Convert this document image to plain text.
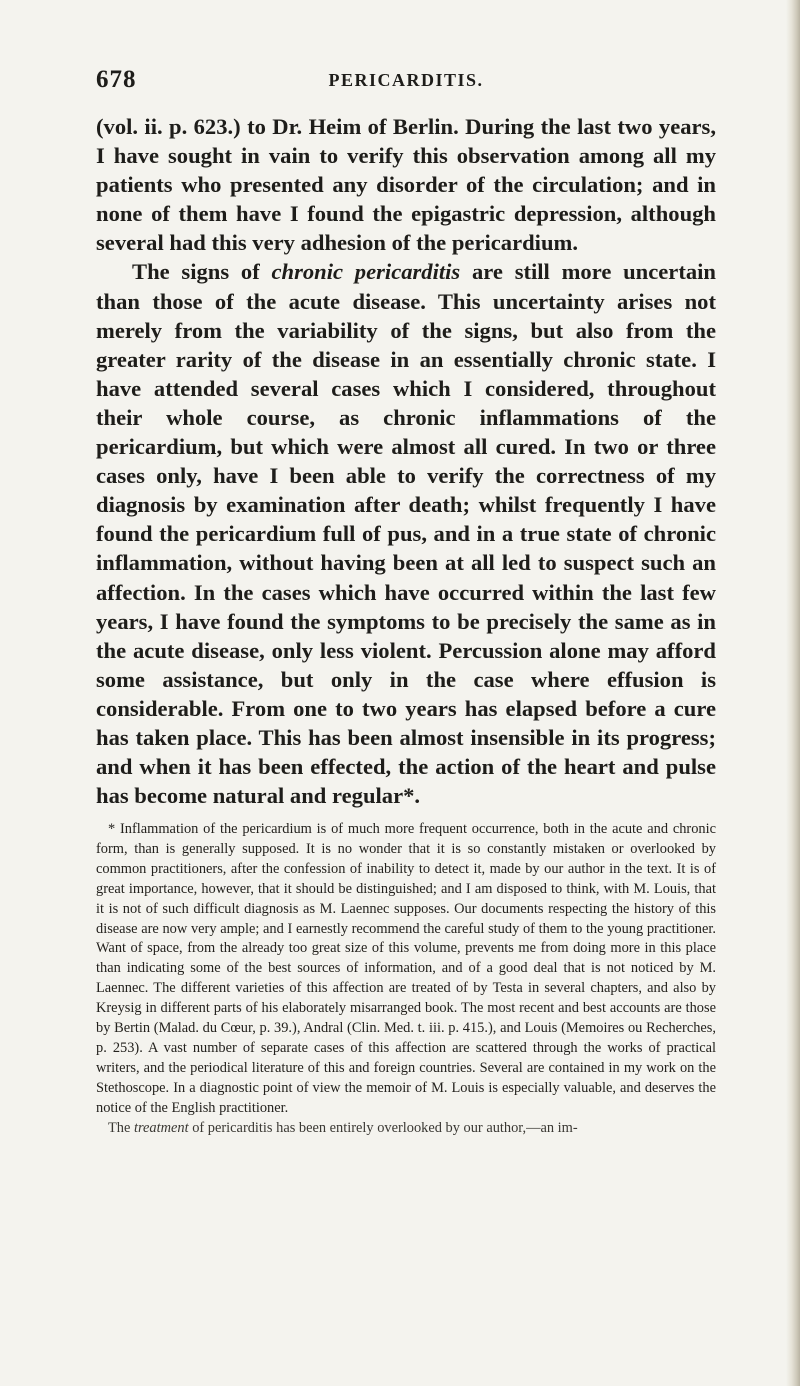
678	PERICARDITIS.

(vol. ii. p. 623.) to Dr. Heim of Berlin. During the last two years, I have sought in vain to verify this observation among all my patients who presented any disorder of the circulation; and in none of them have I found the epigastric depression, although several had this very adhesion of the pericardium.

The signs of chronic pericarditis are still more uncertain than those of the acute disease. This uncertainty arises not merely from the variability of the signs, but also from the greater rarity of the disease in an essentially chronic state. I have attended several cases which I considered, throughout their whole course, as chronic inflammations of the pericardium, but which were almost all cured. In two or three cases only, have I been able to verify the correctness of my diagnosis by examination after death; whilst frequently I have found the pericardium full of pus, and in a true state of chronic inflammation, without having been at all led to suspect such an affection. In the cases which have occurred within the last few years, I have found the symptoms to be precisely the same as in the acute disease, only less violent. Percussion alone may afford some assistance, but only in the case where effusion is considerable. From one to two years has elapsed before a cure has taken place. This has been almost insensible in its progress; and when it has been effected, the action of the heart and pulse has become natural and regular*.

* Inflammation of the pericardium is of much more frequent occurrence, both in the acute and chronic form, than is generally supposed. It is no wonder that it is so constantly mistaken or overlooked by common practitioners, after the confession of inability to detect it, made by our author in the text. It is of great importance, however, that it should be distinguished; and I am disposed to think, with M. Louis, that it is not of such difficult diagnosis as M. Laennec supposes. Our documents respecting the history of this disease are now very ample; and I earnestly recommend the careful study of them to the young practitioner. Want of space, from the already too great size of this volume, prevents me from doing more in this place than indicating some of the best sources of information, and of a good deal that is not noticed by M. Laennec. The different varieties of this affection are treated of by Testa in several chapters, and also by Kreysig in different parts of his elaborately misarranged book. The most recent and best accounts are those by Bertin (Malad. du Cœur, p. 39.), Andral (Clin. Med. t. iii. p. 415.), and Louis (Memoires ou Recherches, p. 253). A vast number of separate cases of this affection are scattered through the works of practical writers, and the periodical literature of this and foreign countries. Several are contained in my work on the Stethoscope. In a diagnostic point of view the memoir of M. Louis is especially valuable, and deserves the notice of the English practitioner.

The treatment of pericarditis has been entirely overlooked by our author,—an im-
